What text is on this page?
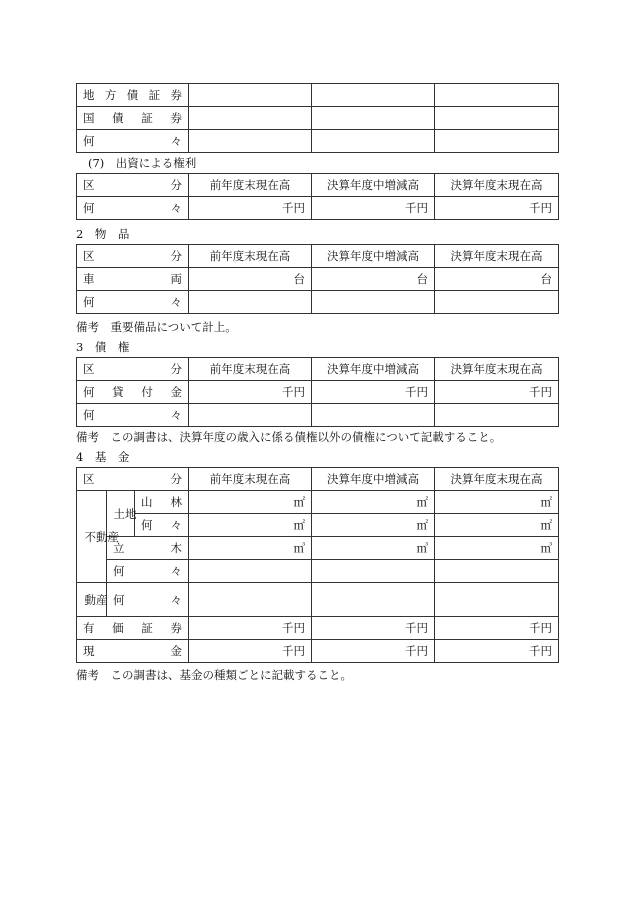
地方債証券			
国債証券			
何々			
(7)　出資による権利
区 分	前年度末現在高	決算年度中増減高	決算年度末現在高
何々	千円	千円	千円
2　物　品
区 分	前年度末現在高	決算年度中増減高	決算年度末現在高
車両	台	台	台
何々			
備考　重要備品について計上。
3　債　権
区 分	前年度末現在高	決算年度中増減高	決算年度末現在高
何貸付金	千円	千円	千円
何々			
備考　この調書は、決算年度の歳入に係る債権以外の債権について記載すること。
4　基　金
区 分			前年度末現在高	決算年度中増減高	決算年度末現在高

不動産	土地	山林	㎡	㎡	㎡
		何々	㎡	㎡	㎡
	立木		㎥	㎥	㎥
	何々				

動産	何々				
有価証券			千円	千円	千円
現金			千円	千円	千円
備考　この調書は、基金の種類ごとに記載すること。
